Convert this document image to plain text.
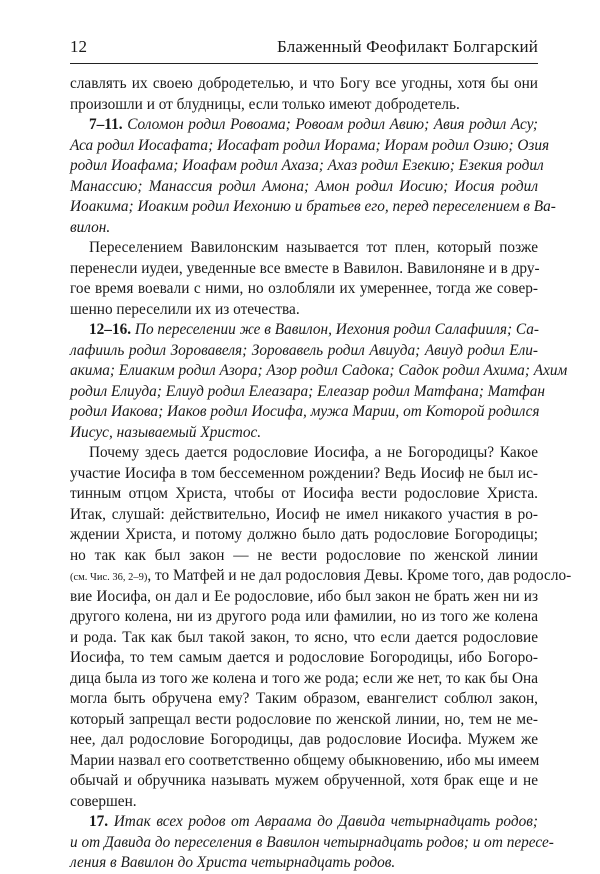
12	Блаженный Феофилакт Болгарский
славлять их своею добродетелью, и что Богу все угодны, хотя бы они
произошли и от блудницы, если только имеют добродетель.
7–11. Соломон родил Ровоама; Ровоам родил Авию; Авия родил Асу;
Аса родил Иосафата; Иосафат родил Иорама; Иорам родил Озию; Озия
родил Иоафама; Иоафам родил Ахаза; Ахаз родил Езекию; Езекия родил
Манассию; Манассия родил Амона; Амон родил Иосию; Иосия родил
Иоакима; Иоаким родил Иехонию и братьев его, перед переселением в Ва-
вилон.
Переселением Вавилонским называется тот плен, который позже
перенесли иудеи, уведенные все вместе в Вавилон. Вавилоняне и в дру-
гое время воевали с ними, но озлобляли их умереннее, тогда же совер-
шенно переселили их из отечества.
12–16. По переселении же в Вавилон, Иехония родил Салафииля; Са-
лафииль родил Зоровавеля; Зоровавель родил Авиуда; Авиуд родил Ели-
акима; Елиаким родил Азора; Азор родил Садока; Садок родил Ахима; Ахим
родил Елиуда; Елиуд родил Елеазара; Елеазар родил Матфана; Матфан
родил Иакова; Иаков родил Иосифа, мужа Марии, от Которой родился
Иисус, называемый Христос.
Почему здесь дается родословие Иосифа, а не Богородицы? Какое
участие Иосифа в том бессеменном рождении? Ведь Иосиф не был ис-
тинным отцом Христа, чтобы от Иосифа вести родословие Христа.
Итак, слушай: действительно, Иосиф не имел никакого участия в ро-
ждении Христа, и потому должно было дать родословие Богородицы;
но так как был закон — не вести родословие по женской линии
(см. Чис. 36, 2–9), то Матфей и не дал родословия Девы. Кроме того, дав родосло-
вие Иосифа, он дал и Ее родословие, ибо был закон не брать жен ни из
другого колена, ни из другого рода или фамилии, но из того же колена
и рода. Так как был такой закон, то ясно, что если дается родословие
Иосифа, то тем самым дается и родословие Богородицы, ибо Богоро-
дица была из того же колена и того же рода; если же нет, то как бы Она
могла быть обручена ему? Таким образом, евангелист соблюл закон,
который запрещал вести родословие по женской линии, но, тем не ме-
нее, дал родословие Богородицы, дав родословие Иосифа. Мужем же
Марии назвал его соответственно общему обыкновению, ибо мы имеем
обычай и обручника называть мужем обрученной, хотя брак еще и не
совершен.
17. Итак всех родов от Авраама до Давида четырнадцать родов;
и от Давида до переселения в Вавилон четырнадцать родов; и от пересе-
ления в Вавилон до Христа четырнадцать родов.
